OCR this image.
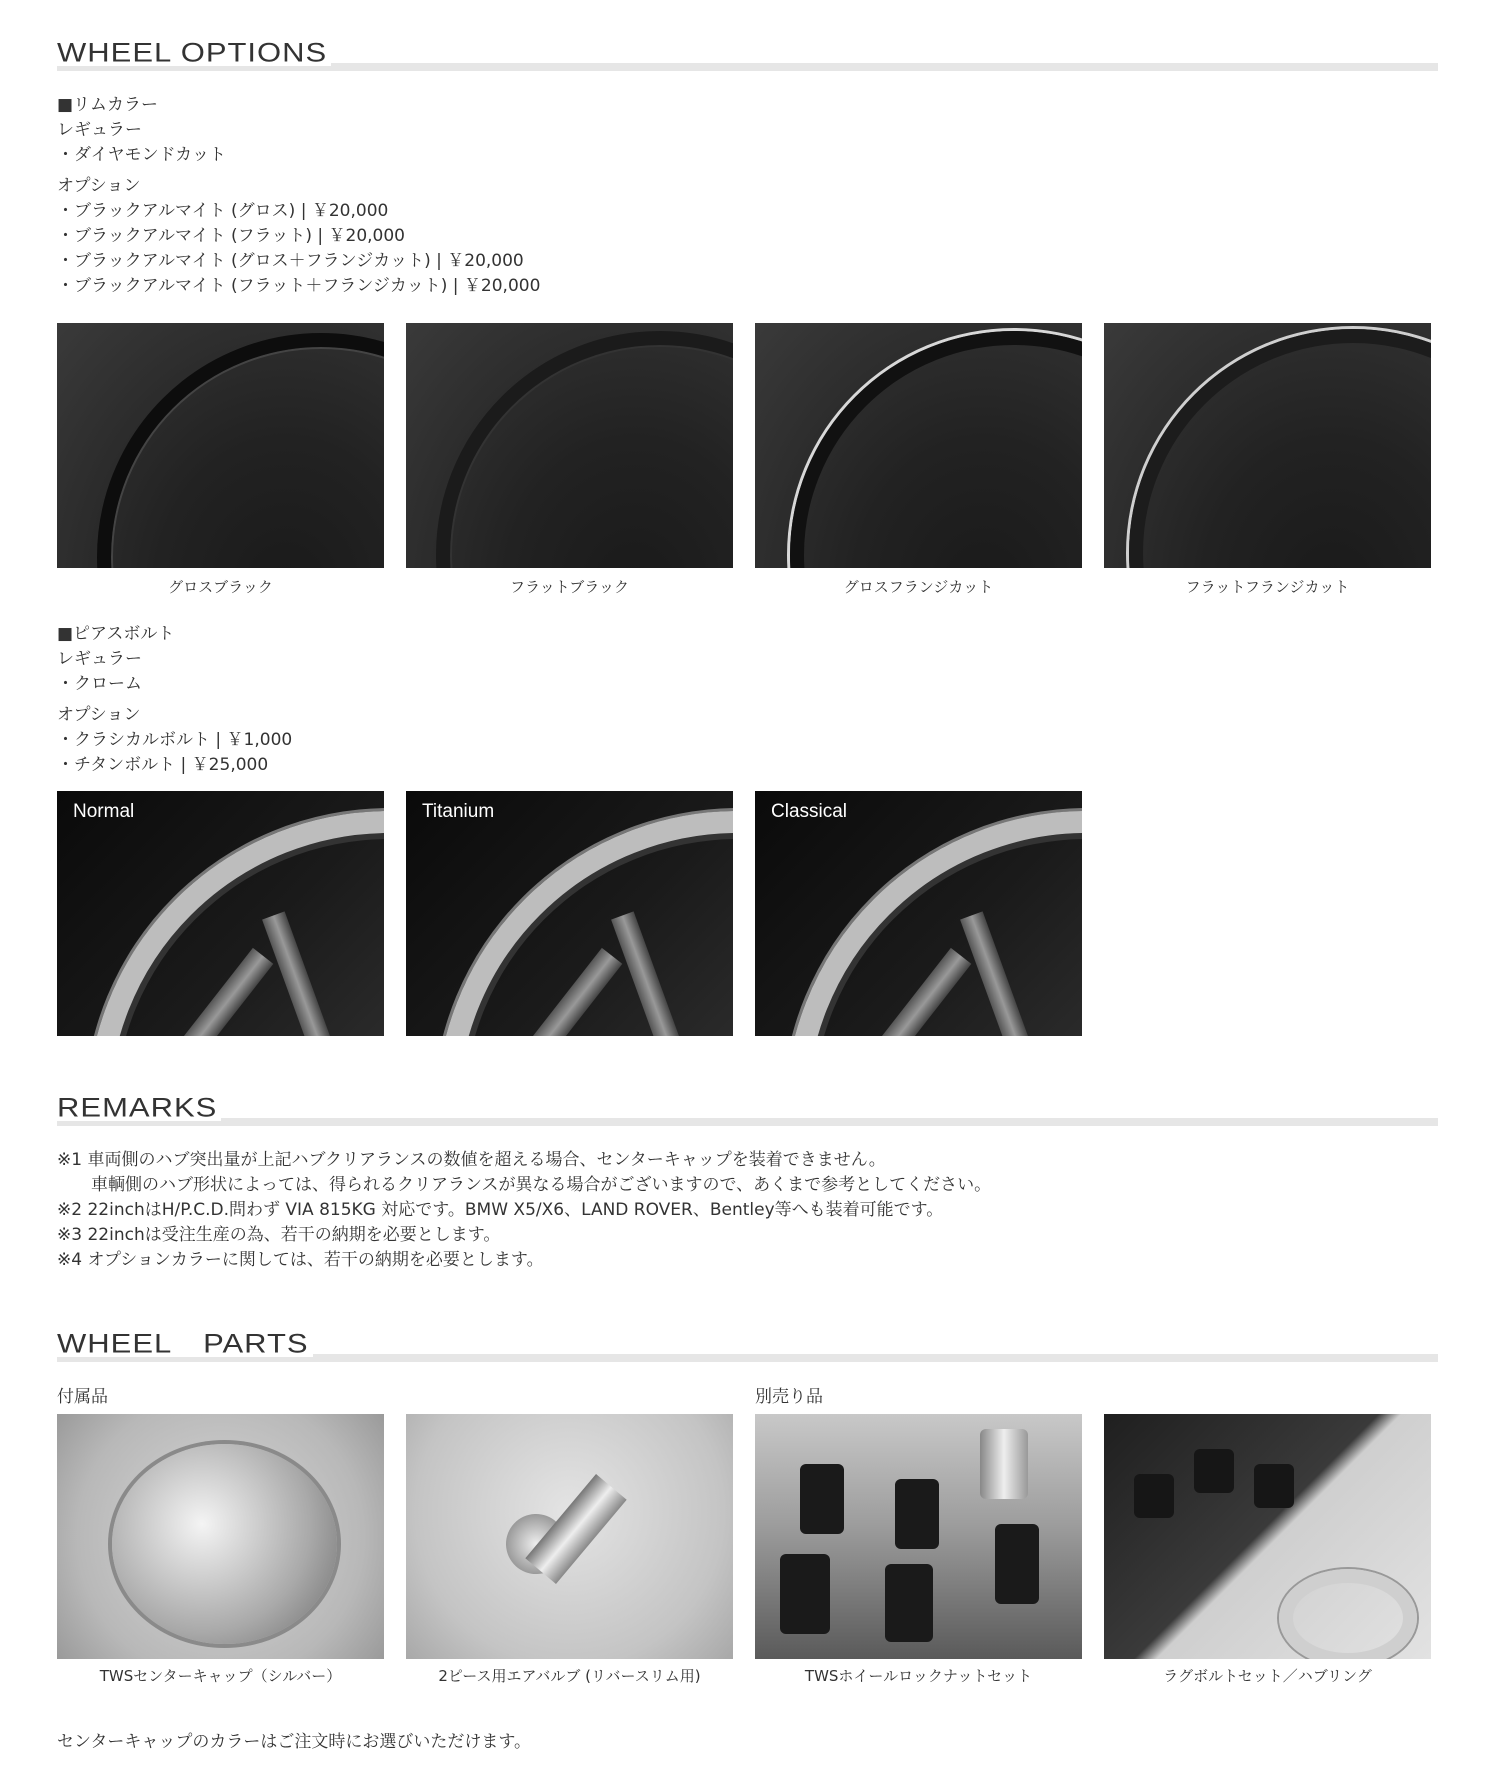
WHEEL OPTIONS
■リムカラー
レギュラー
・ダイヤモンドカット
オプション
・ブラックアルマイト (グロス) | ￥20,000
・ブラックアルマイト (フラット) | ￥20,000
・ブラックアルマイト (グロス＋フランジカット) | ￥20,000
・ブラックアルマイト (フラット＋フランジカット) | ￥20,000
グロスブラック	フラットブラック	グロスフランジカット	フラットフランジカット
■ピアスボルト
レギュラー
・クローム
オプション
・クラシカルボルト | ￥1,000
・チタンボルト | ￥25,000
Normal	Titanium	Classical
REMARKS
※1 車両側のハブ突出量が上記ハブクリアランスの数値を超える場合、センターキャップを装着できません。
　　車輌側のハブ形状によっては、得られるクリアランスが異なる場合がございますので、あくまで参考としてください。
※2 22inchはH/P.C.D.問わず VIA 815KG 対応です。BMW X5/X6、LAND ROVER、Bentley等へも装着可能です。
※3 22inchは受注生産の為、若干の納期を必要とします。
※4 オプションカラーに関しては、若干の納期を必要とします。
WHEEL　PARTS
付属品	別売り品
TWSセンターキャップ（シルバー）	2ピース用エアバルブ (リバースリム用)	TWSホイールロックナットセット	ラグボルトセット／ハブリング
センターキャップのカラーはご注文時にお選びいただけます。
